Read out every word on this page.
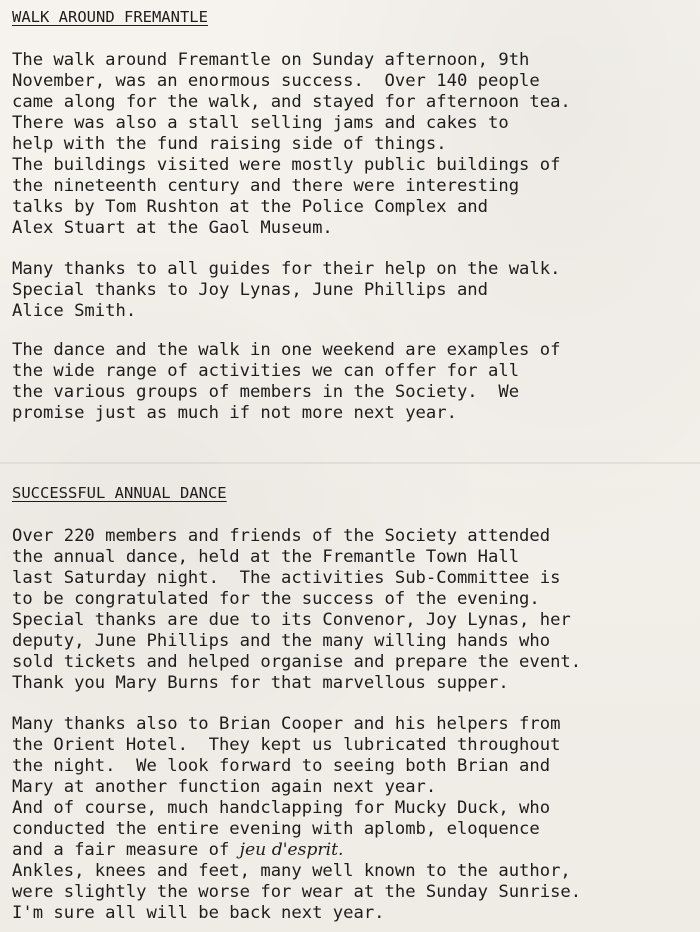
WALK AROUND FREMANTLE
The walk around Fremantle on Sunday afternoon, 9th
November, was an enormous success.  Over 140 people
came along for the walk, and stayed for afternoon tea.
There was also a stall selling jams and cakes to
help with the fund raising side of things.
The buildings visited were mostly public buildings of
the nineteenth century and there were interesting
talks by Tom Rushton at the Police Complex and
Alex Stuart at the Gaol Museum.
Many thanks to all guides for their help on the walk.
Special thanks to Joy Lynas, June Phillips and
Alice Smith.
The dance and the walk in one weekend are examples of
the wide range of activities we can offer for all
the various groups of members in the Society.  We
promise just as much if not more next year.
SUCCESSFUL ANNUAL DANCE
Over 220 members and friends of the Society attended
the annual dance, held at the Fremantle Town Hall
last Saturday night.  The activities Sub-Committee is
to be congratulated for the success of the evening.
Special thanks are due to its Convenor, Joy Lynas, her
deputy, June Phillips and the many willing hands who
sold tickets and helped organise and prepare the event.
Thank you Mary Burns for that marvellous supper.
Many thanks also to Brian Cooper and his helpers from
the Orient Hotel.  They kept us lubricated throughout
the night.  We look forward to seeing both Brian and
Mary at another function again next year.
And of course, much handclapping for Mucky Duck, who
conducted the entire evening with aplomb, eloquence
and a fair measure of jeu d'esprit.
Ankles, knees and feet, many well known to the author,
were slightly the worse for wear at the Sunday Sunrise.
I'm sure all will be back next year.
